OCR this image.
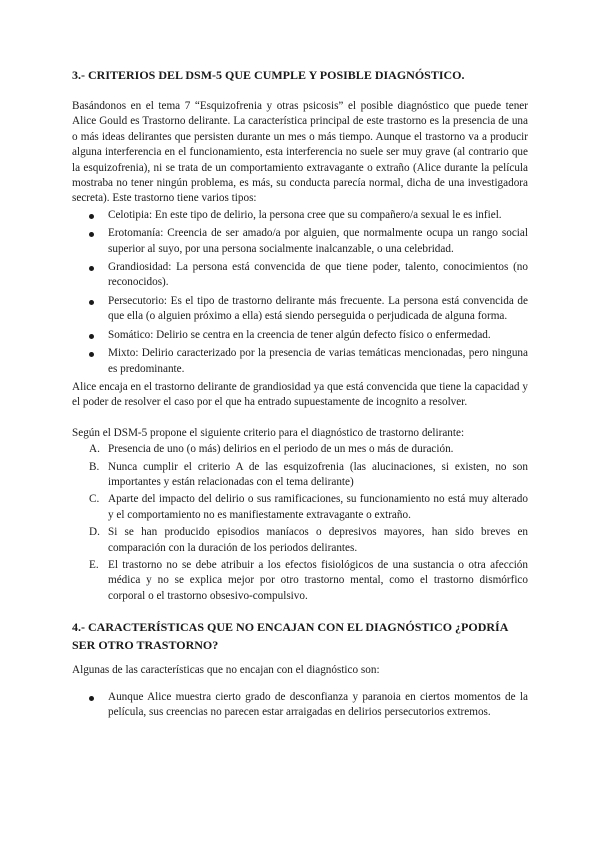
3.- CRITERIOS DEL DSM-5 QUE CUMPLE Y POSIBLE DIAGNÓSTICO.

Basándonos en el tema 7 “Esquizofrenia y otras psicosis” el posible diagnóstico que puede tener Alice Gould es Trastorno delirante. La característica principal de este trastorno es la presencia de una o más ideas delirantes que persisten durante un mes o más tiempo. Aunque el trastorno va a producir alguna interferencia en el funcionamiento, esta interferencia no suele ser muy grave (al contrario que la esquizofrenia), ni se trata de un comportamiento extravagante o extraño (Alice durante la película mostraba no tener ningún problema, es más, su conducta parecía normal, dicha de una investigadora secreta). Este trastorno tiene varios tipos:

Celotipia: En este tipo de delirio, la persona cree que su compañero/a sexual le es infiel.
Erotomanía: Creencia de ser amado/a por alguien, que normalmente ocupa un rango social superior al suyo, por una persona socialmente inalcanzable, o una celebridad.
Grandiosidad: La persona está convencida de que tiene poder, talento, conocimientos (no reconocidos).
Persecutorio: Es el tipo de trastorno delirante más frecuente. La persona está convencida de que ella (o alguien próximo a ella) está siendo perseguida o perjudicada de alguna forma.
Somático: Delirio se centra en la creencia de tener algún defecto físico o enfermedad.
Mixto: Delirio caracterizado por la presencia de varias temáticas mencionadas, pero ninguna es predominante.

Alice encaja en el trastorno delirante de grandiosidad ya que está convencida que tiene la capacidad y el poder de resolver el caso por el que ha entrado supuestamente de incognito a resolver.

Según el DSM-5 propone el siguiente criterio para el diagnóstico de trastorno delirante:

A. Presencia de uno (o más) delirios en el periodo de un mes o más de duración.
B. Nunca cumplir el criterio A de las esquizofrenia (las alucinaciones, si existen, no son importantes y están relacionadas con el tema delirante)
C. Aparte del impacto del delirio o sus ramificaciones, su funcionamiento no está muy alterado y el comportamiento no es manifiestamente extravagante o extraño.
D. Si se han producido episodios maníacos o depresivos mayores, han sido breves en comparación con la duración de los periodos delirantes.
E. El trastorno no se debe atribuir a los efectos fisiológicos de una sustancia o otra afección médica y no se explica mejor por otro trastorno mental, como el trastorno dismórfico corporal o el trastorno obsesivo-compulsivo.
4.- CARACTERÍSTICAS QUE NO ENCAJAN CON EL DIAGNÓSTICO ¿PODRÍA SER OTRO TRASTORNO?

Algunas de las características que no encajan con el diagnóstico son:

Aunque Alice muestra cierto grado de desconfianza y paranoia en ciertos momentos de la película, sus creencias no parecen estar arraigadas en delirios persecutorios extremos.
